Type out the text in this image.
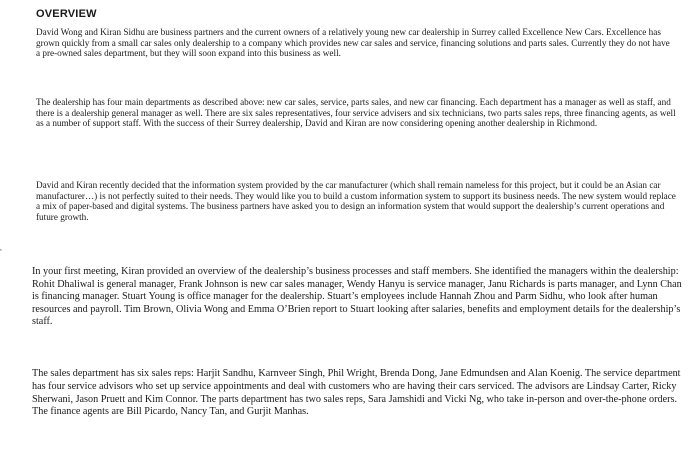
OVERVIEW

David Wong and Kiran Sidhu are business partners and the current owners of a relatively young new car dealership in Surrey called Excellence New Cars. Excellence has grown quickly from a small car sales only dealership to a company which provides new car sales and service, financing solutions and parts sales. Currently they do not have a pre-owned sales department, but they will soon expand into this business as well.

The dealership has four main departments as described above: new car sales, service, parts sales, and new car financing. Each department has a manager as well as staff, and there is a dealership general manager as well. There are six sales representatives, four service advisers and six technicians, two parts sales reps, three financing agents, as well as a number of support staff. With the success of their Surrey dealership, David and Kiran are now considering opening another dealership in Richmond.

David and Kiran recently decided that the information system provided by the car manufacturer (which shall remain nameless for this project, but it could be an Asian car manufacturer…) is not perfectly suited to their needs. They would like you to build a custom information system to support its business needs. The new system would replace a mix of paper-based and digital systems. The business partners have asked you to design an information system that would support the dealership’s current operations and future growth.

In your first meeting, Kiran provided an overview of the dealership’s business processes and staff members. She identified the managers within the dealership: Rohit Dhaliwal is general manager, Frank Johnson is new car sales manager, Wendy Hanyu is service manager, Janu Richards is parts manager, and Lynn Chan is financing manager. Stuart Young is office manager for the dealership. Stuart’s employees include Hannah Zhou and Parm Sidhu, who look after human resources and payroll. Tim Brown, Olivia Wong and Emma O’Brien report to Stuart looking after salaries, benefits and employment details for the dealership’s staff.

The sales department has six sales reps: Harjit Sandhu, Karnveer Singh, Phil Wright, Brenda Dong, Jane Edmundsen and Alan Koenig. The service department has four service advisors who set up service appointments and deal with customers who are having their cars serviced. The advisors are Lindsay Carter, Ricky Sherwani, Jason Pruett and Kim Connor. The parts department has two sales reps, Sara Jamshidi and Vicki Ng, who take in-person and over-the-phone orders. The finance agents are Bill Picardo, Nancy Tan, and Gurjit Manhas.
